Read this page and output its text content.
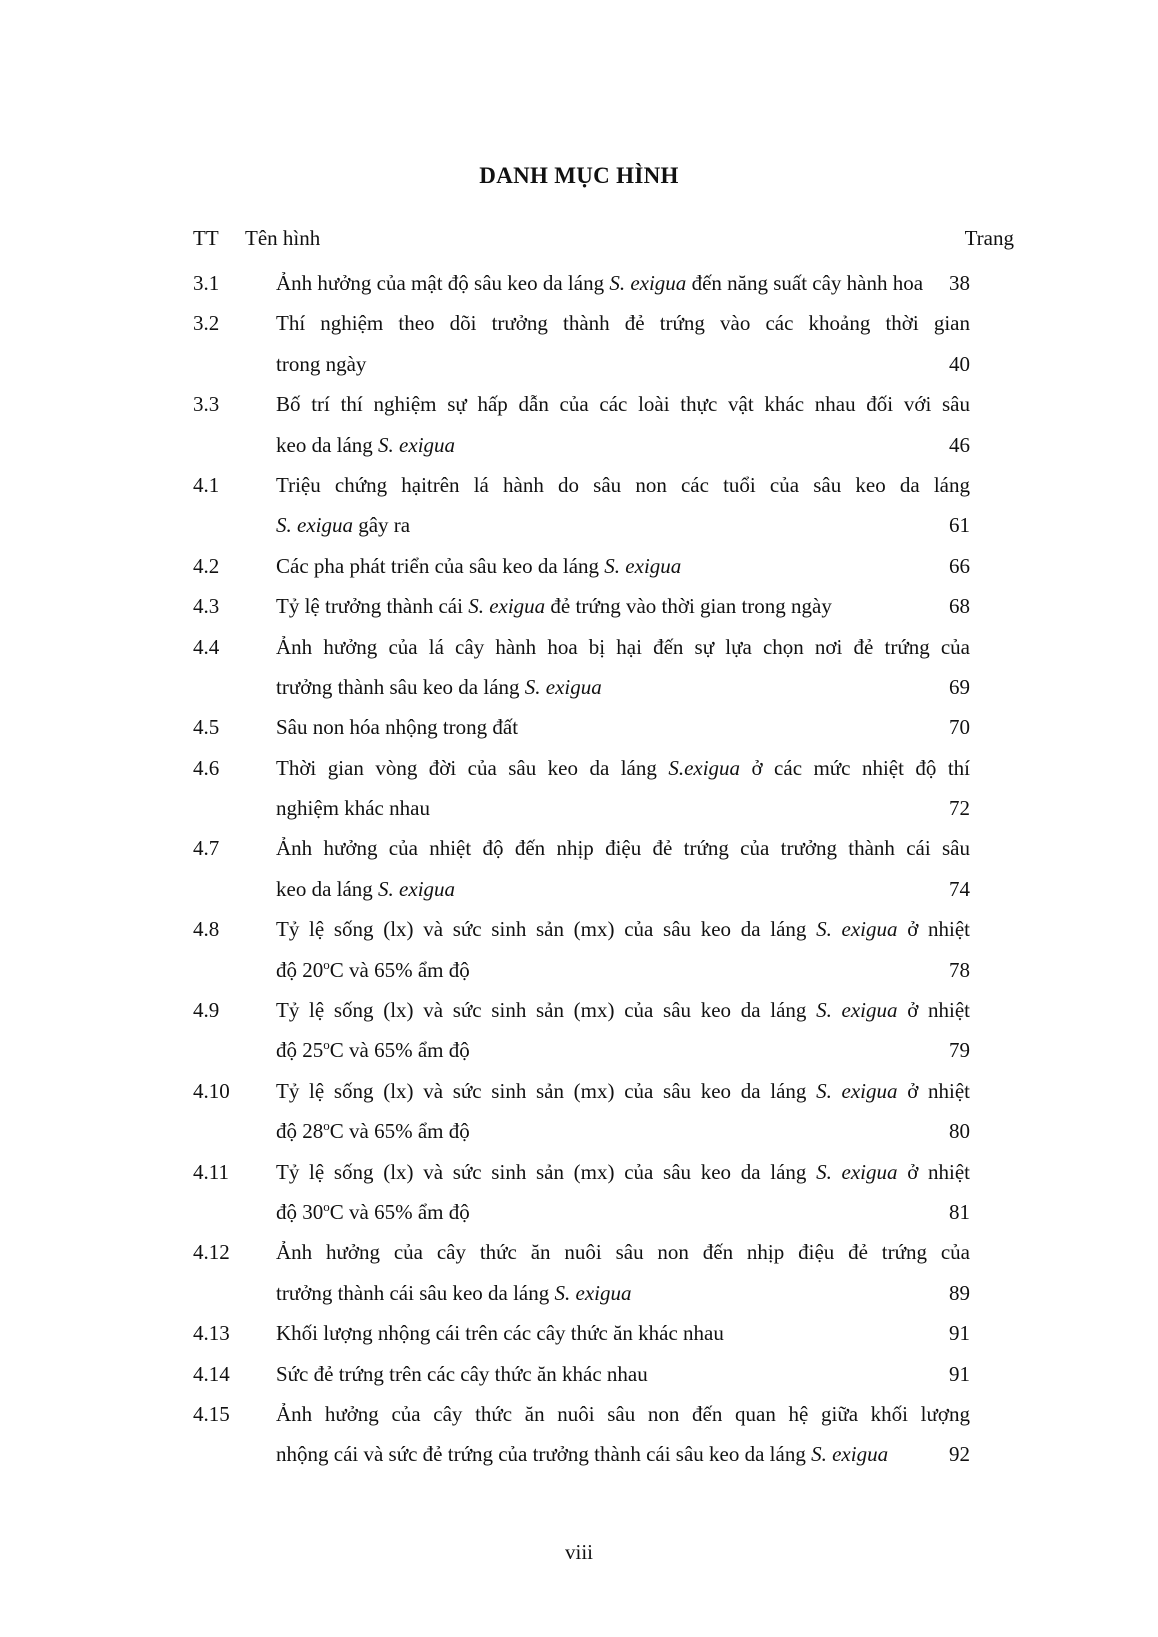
DANH MỤC HÌNH
TT Tên hình	Trang
3.1	Ảnh hưởng của mật độ sâu keo da láng S. exigua đến năng suất cây hành hoa 38
3.2	Thí nghiệm theo dõi trưởng thành đẻ trứng vào các khoảng thời gian
trong ngày	40
3.3	Bố trí thí nghiệm sự hấp dẫn của các loài thực vật khác nhau đối với sâu
keo da láng S. exigua	46
4.1	Triệu chứng hạitrên lá hành do sâu non các tuổi của sâu keo da láng
S. exigua gây ra	61
4.2	Các pha phát triển của sâu keo da láng S. exigua	66
4.3	Tỷ lệ trưởng thành cái S. exigua đẻ trứng vào thời gian trong ngày	68
4.4	Ảnh hưởng của lá cây hành hoa bị hại đến sự lựa chọn nơi đẻ trứng của
trưởng thành sâu keo da láng S. exigua	69
4.5	Sâu non hóa nhộng trong đất	70
4.6	Thời gian vòng đời của sâu keo da láng S.exigua ở các mức nhiệt độ thí
nghiệm khác nhau	72
4.7	Ảnh hưởng của nhiệt độ đến nhịp điệu đẻ trứng của trưởng thành cái sâu
keo da láng S. exigua	74
4.8	Tỷ lệ sống (lx) và sức sinh sản (mx) của sâu keo da láng S. exigua ở nhiệt
độ 20$^o$C và 65% ẩm độ	78
4.9	Tỷ lệ sống (lx) và sức sinh sản (mx) của sâu keo da láng S. exigua ở nhiệt
độ 25$^o$C và 65% ẩm độ	79
4.10 Tỷ lệ sống (lx) và sức sinh sản (mx) của sâu keo da láng S. exigua ở nhiệt
độ 28$^o$C và 65% ẩm độ	80
4.11 Tỷ lệ sống (lx) và sức sinh sản (mx) của sâu keo da láng S. exigua ở nhiệt
độ 30$^o$C và 65% ẩm độ	81
4.12 Ảnh hưởng của cây thức ăn nuôi sâu non đến nhịp điệu đẻ trứng của
trưởng thành cái sâu keo da láng S. exigua	89
4.13 Khối lượng nhộng cái trên các cây thức ăn khác nhau	91
4.14 Sức đẻ trứng trên các cây thức ăn khác nhau	91
4.15 Ảnh hưởng của cây thức ăn nuôi sâu non đến quan hệ giữa khối lượng
nhộng cái và sức đẻ trứng của trưởng thành cái sâu keo da láng S. exigua	92
viii
